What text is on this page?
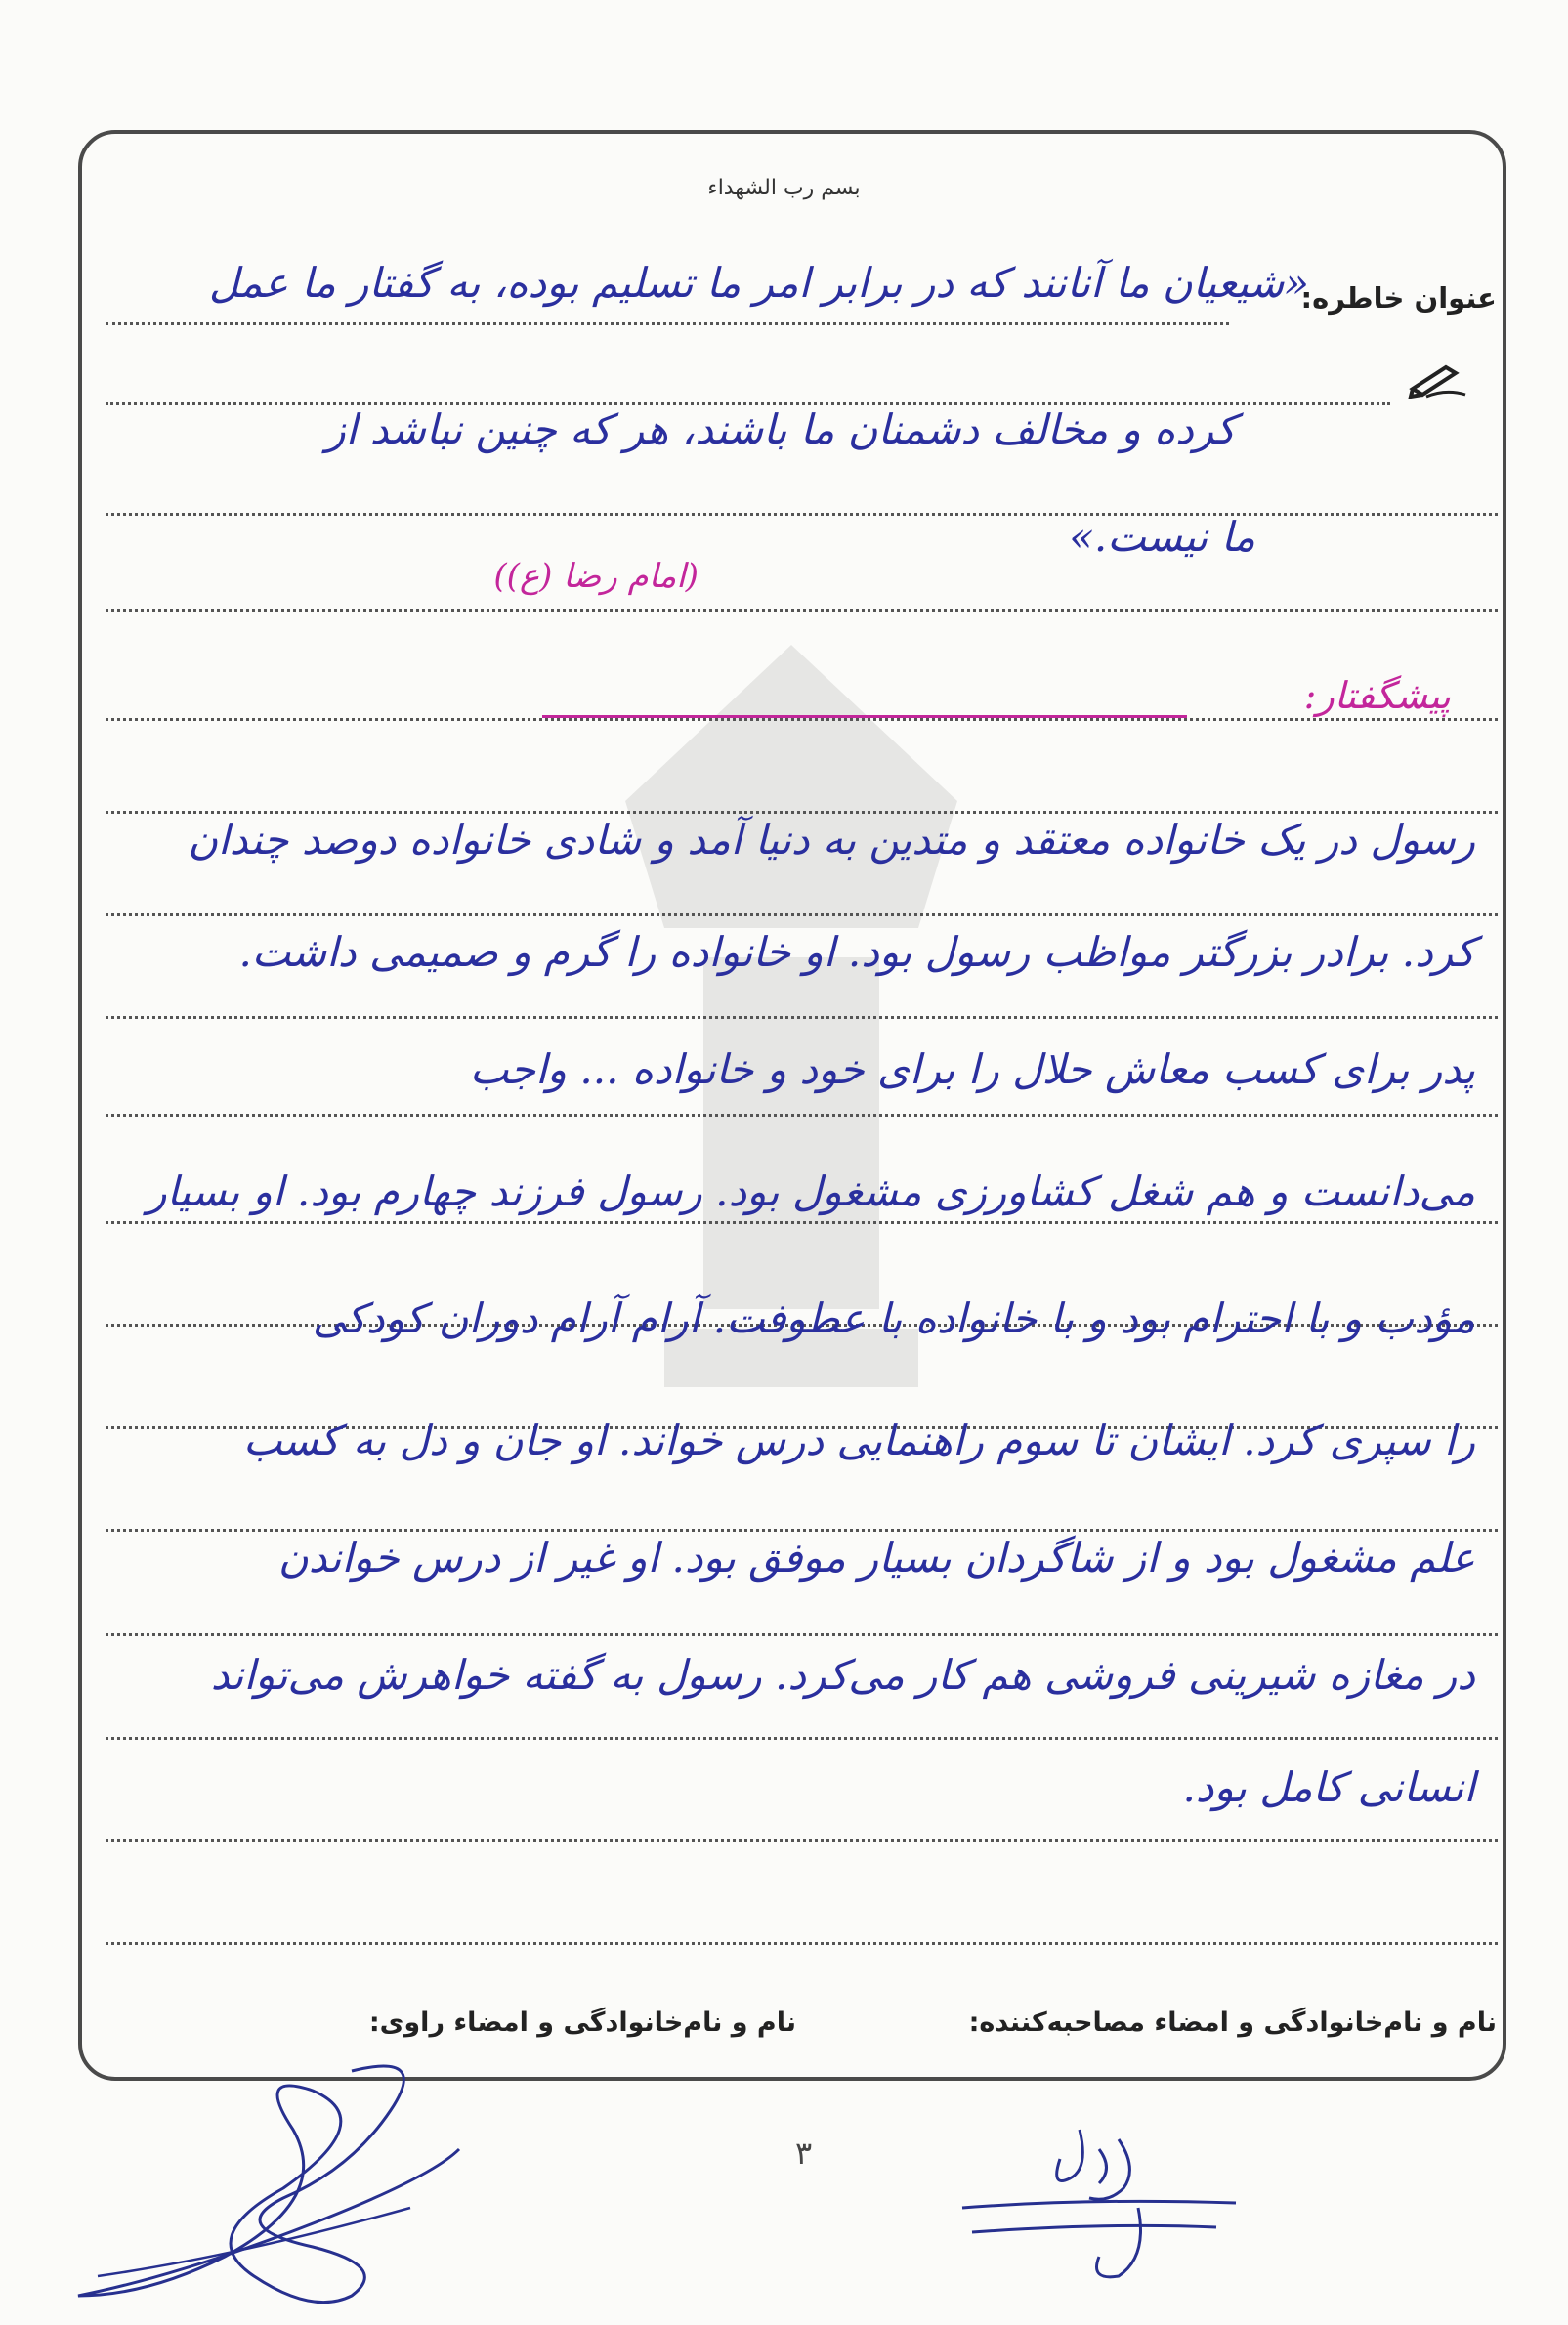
بسم رب الشهداء
عنوان خاطره:
«شیعیان ما آنانند که در برابر امر ما تسلیم بوده، به گفتار ما عمل
کرده و مخالف دشمنان ما باشند، هر که چنین نباشد از
ما نیست.»
(امام رضا (ع))
پیشگفتار:
رسول در یک خانواده معتقد و متدین به دنیا آمد و شادی خانواده دوصد چندان
کرد. برادر بزرگتر مواظب رسول بود. او خانواده را گرم و صمیمی داشت.
پدر برای کسب معاش حلال را برای خود و خانواده ... واجب
می‌دانست و هم شغل کشاورزی مشغول بود. رسول فرزند چهارم بود. او بسیار
مؤدب و با احترام بود و با خانواده با عطوفت. آرام آرام دوران کودکی
را سپری کرد. ایشان تا سوم راهنمایی درس خواند. او جان و دل به کسب
علم مشغول بود و از شاگردان بسیار موفق بود. او غیر از درس خواندن
در مغازه شیرینی فروشی هم کار می‌کرد. رسول به گفته خواهرش می‌تواند
انسانی کامل بود.
نام و نام‌خانوادگی و امضاء مصاحبه‌کننده:
نام و نام‌خانوادگی و امضاء راوی:
۳
